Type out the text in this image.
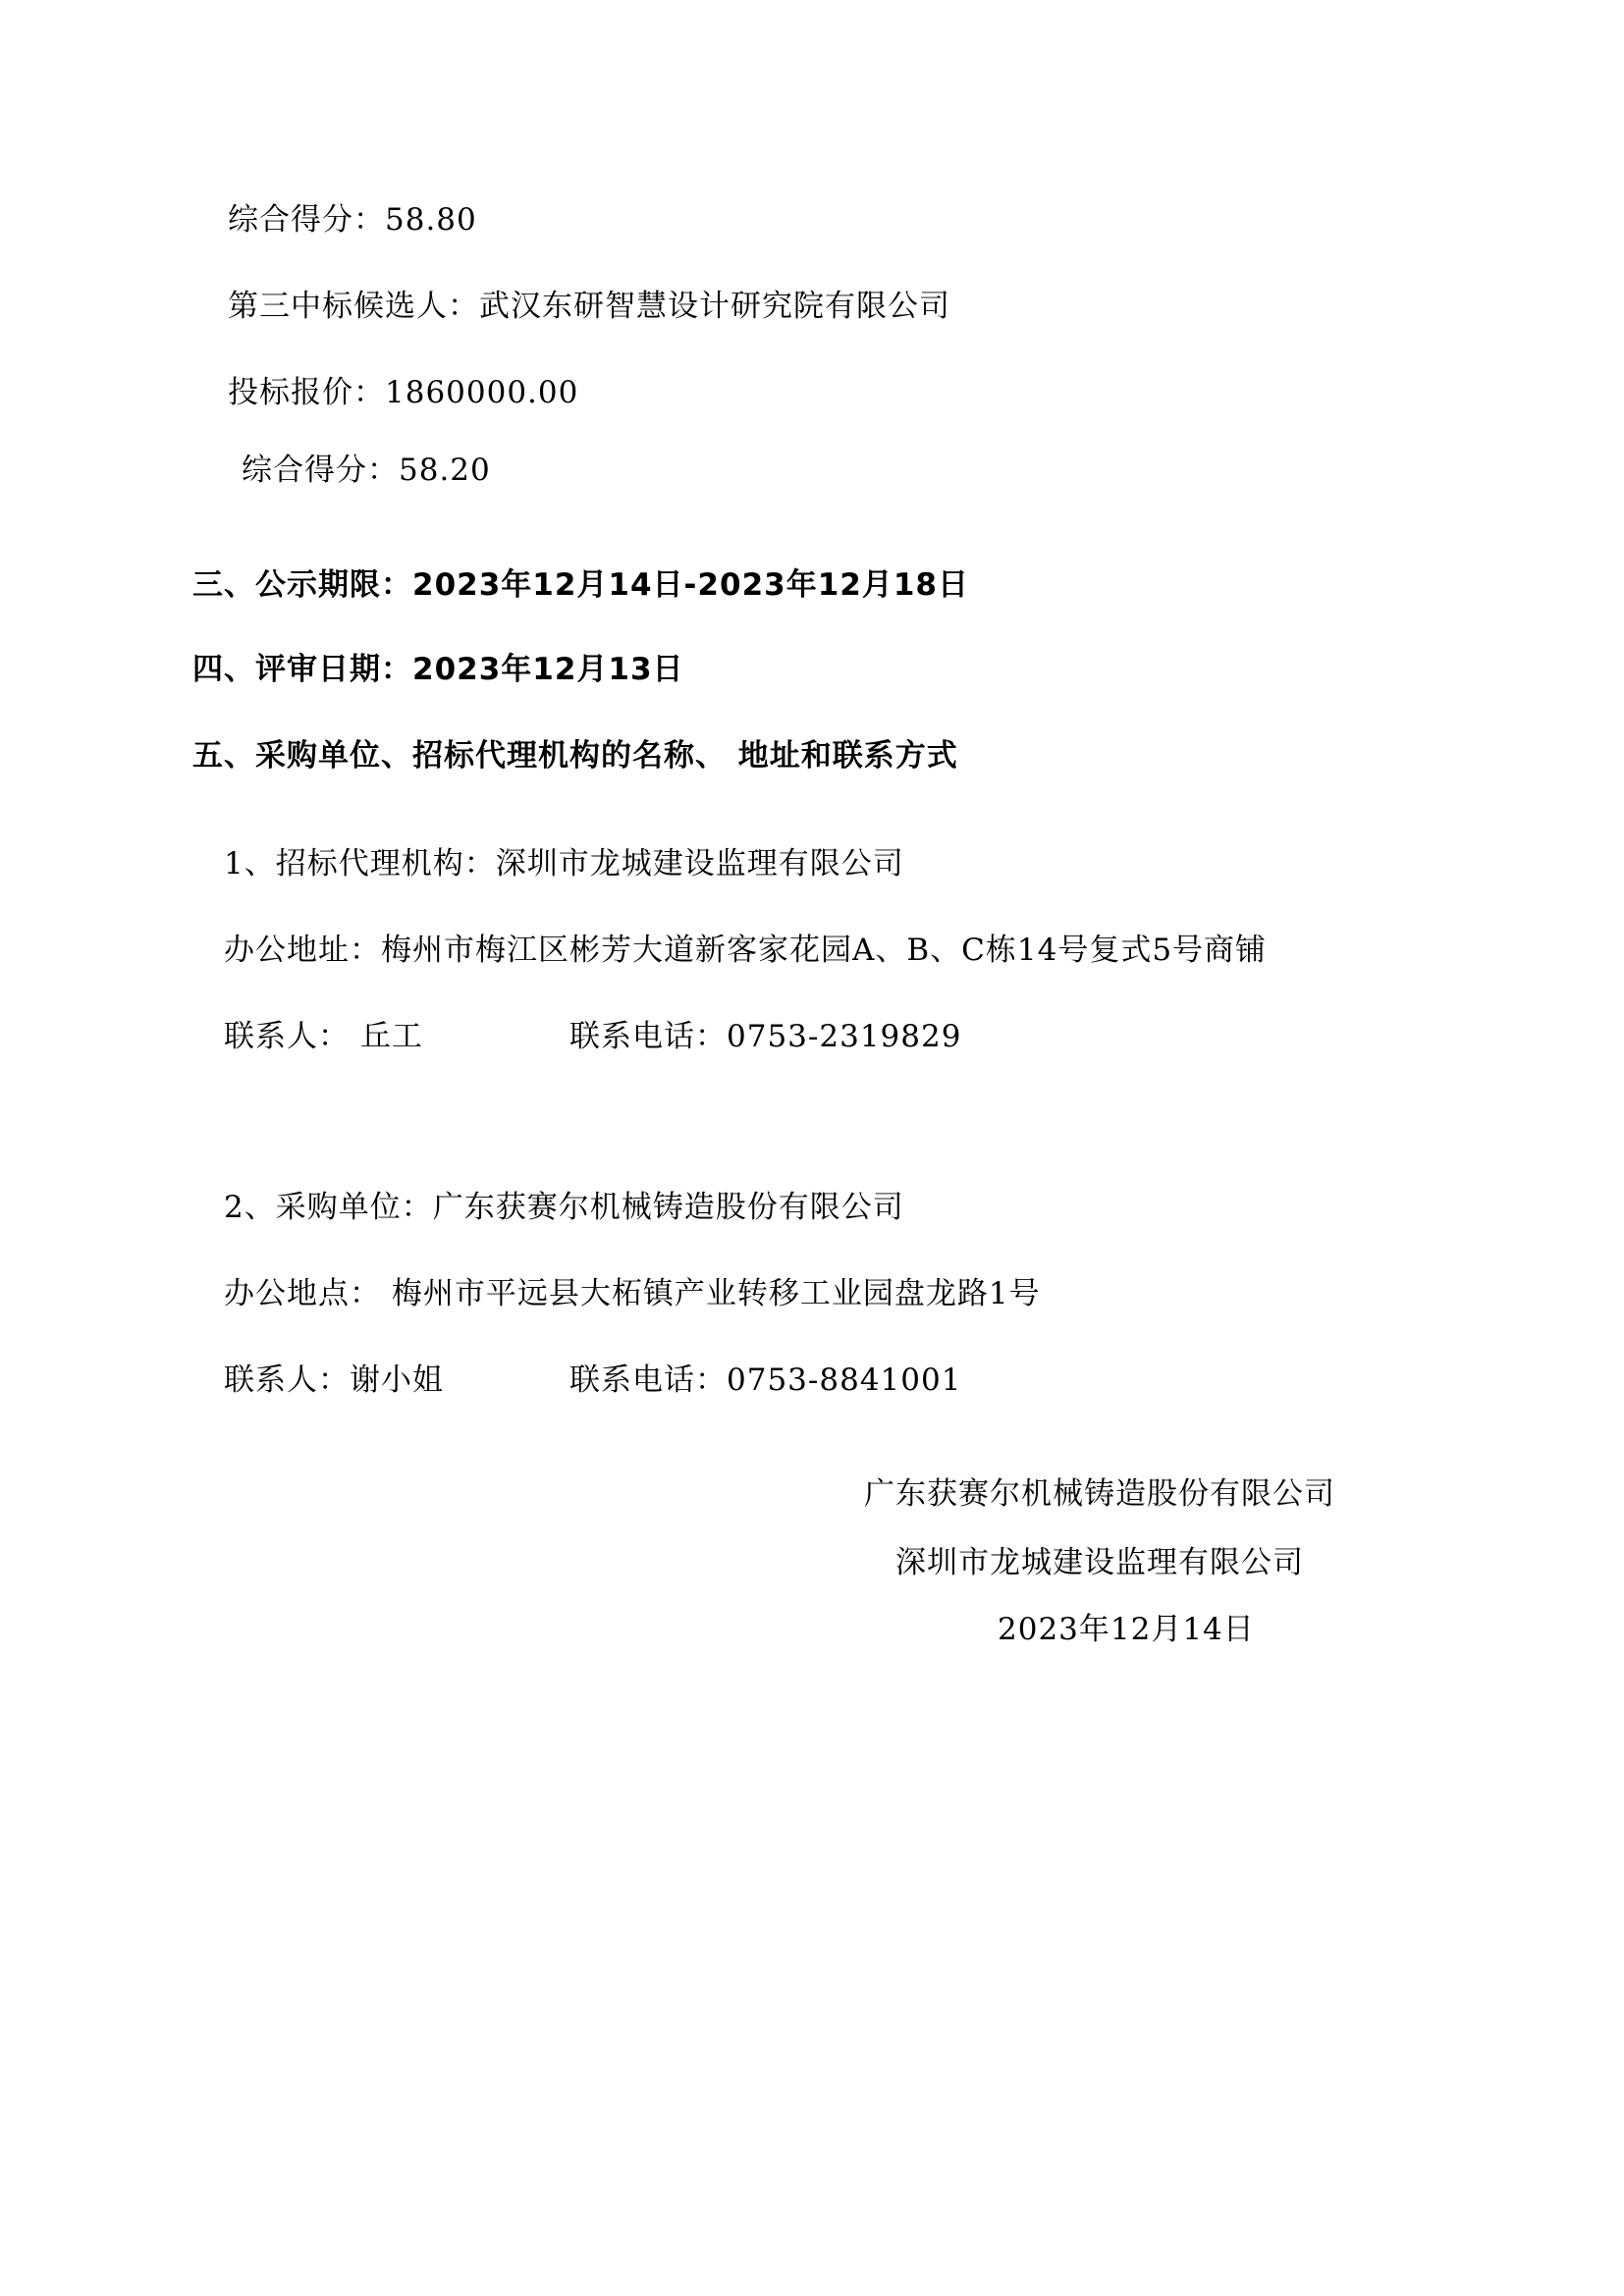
综合得分：58.80
第三中标候选人：武汉东研智慧设计研究院有限公司
投标报价：1860000.00
综合得分：58.20
三、公示期限：2023年12月14日-2023年12月18日
四、评审日期：2023年12月13日
五、采购单位、招标代理机构的名称、 地址和联系方式
1、招标代理机构：深圳市龙城建设监理有限公司
办公地址：梅州市梅江区彬芳大道新客家花园A、B、C栋14号复式5号商铺
联系人： 丘工	联系电话：0753-2319829
2、采购单位：广东获赛尔机械铸造股份有限公司
办公地点： 梅州市平远县大柘镇产业转移工业园盘龙路1号
联系人：谢小姐	联系电话：0753-8841001
广东获赛尔机械铸造股份有限公司
深圳市龙城建设监理有限公司
2023年12月14日
